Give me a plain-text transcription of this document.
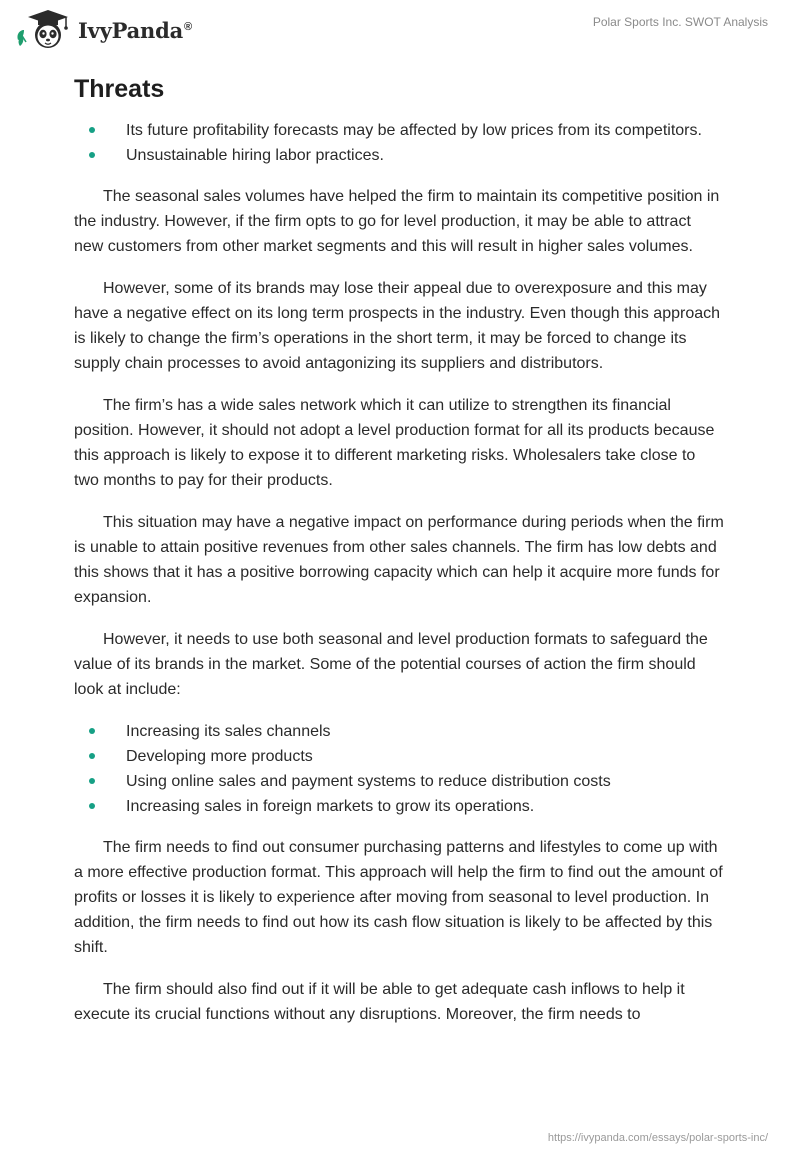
IvyPanda®	Polar Sports Inc. SWOT Analysis
Threats
Its future profitability forecasts may be affected by low prices from its competitors.
Unsustainable hiring labor practices.

The seasonal sales volumes have helped the firm to maintain its competitive position in the industry. However, if the firm opts to go for level production, it may be able to attract new customers from other market segments and this will result in higher sales volumes.

However, some of its brands may lose their appeal due to overexposure and this may have a negative effect on its long term prospects in the industry. Even though this approach is likely to change the firm’s operations in the short term, it may be forced to change its supply chain processes to avoid antagonizing its suppliers and distributors.

The firm’s has a wide sales network which it can utilize to strengthen its financial position. However, it should not adopt a level production format for all its products because this approach is likely to expose it to different marketing risks. Wholesalers take close to two months to pay for their products.

This situation may have a negative impact on performance during periods when the firm is unable to attain positive revenues from other sales channels. The firm has low debts and this shows that it has a positive borrowing capacity which can help it acquire more funds for expansion.

However, it needs to use both seasonal and level production formats to safeguard the value of its brands in the market. Some of the potential courses of action the firm should look at include:

Increasing its sales channels
Developing more products
Using online sales and payment systems to reduce distribution costs
Increasing sales in foreign markets to grow its operations.

The firm needs to find out consumer purchasing patterns and lifestyles to come up with a more effective production format. This approach will help the firm to find out the amount of profits or losses it is likely to experience after moving from seasonal to level production. In addition, the firm needs to find out how its cash flow situation is likely to be affected by this shift.

The firm should also find out if it will be able to get adequate cash inflows to help it execute its crucial functions without any disruptions. Moreover, the firm needs to

https://ivypanda.com/essays/polar-sports-inc/
